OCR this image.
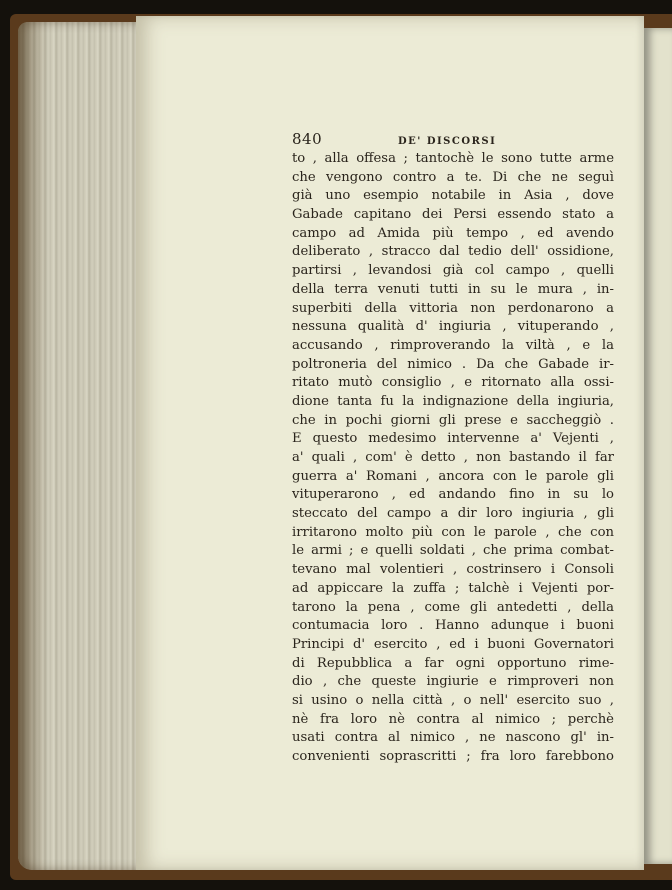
840	DE' DISCORSI
to , alla offesa ; tantochè le sono tutte arme
che vengono contro a te. Di che ne seguì
già uno esempio notabile in Asia , dove
Gabade capitano dei Persi essendo stato a
campo ad Amida più tempo , ed avendo
deliberato , stracco dal tedio dell' ossidione,
partirsi , levandosi già col campo , quelli
della terra venuti tutti in su le mura , in-
superbiti della vittoria non perdonarono a
nessuna qualità d' ingiuria , vituperando ,
accusando , rimproverando la viltà , e la
poltroneria del nimico . Da che Gabade ir-
ritato mutò consiglio , e ritornato alla ossi-
dione tanta fu la indignazione della ingiuria,
che in pochi giorni gli prese e saccheggiò .
E questo medesimo intervenne a' Vejenti ,
a' quali , com' è detto , non bastando il far
guerra a' Romani , ancora con le parole gli
vituperarono , ed andando fino in su lo
steccato del campo a dir loro ingiuria , gli
irritarono molto più con le parole , che con
le armi ; e quelli soldati , che prima combat-
tevano mal volentieri , costrinsero i Consoli
ad appiccare la zuffa ; talchè i Vejenti por-
tarono la pena , come gli antedetti , della
contumacia loro . Hanno adunque i buoni
Principi d' esercito , ed i buoni Governatori
di Repubblica a far ogni opportuno rime-
dio , che queste ingiurie e rimproveri non
si usino o nella città , o nell' esercito suo ,
nè fra loro nè contra al nimico ; perchè
usati contra al nimico , ne nascono gl' in-
convenienti soprascritti ; fra loro farebbono
